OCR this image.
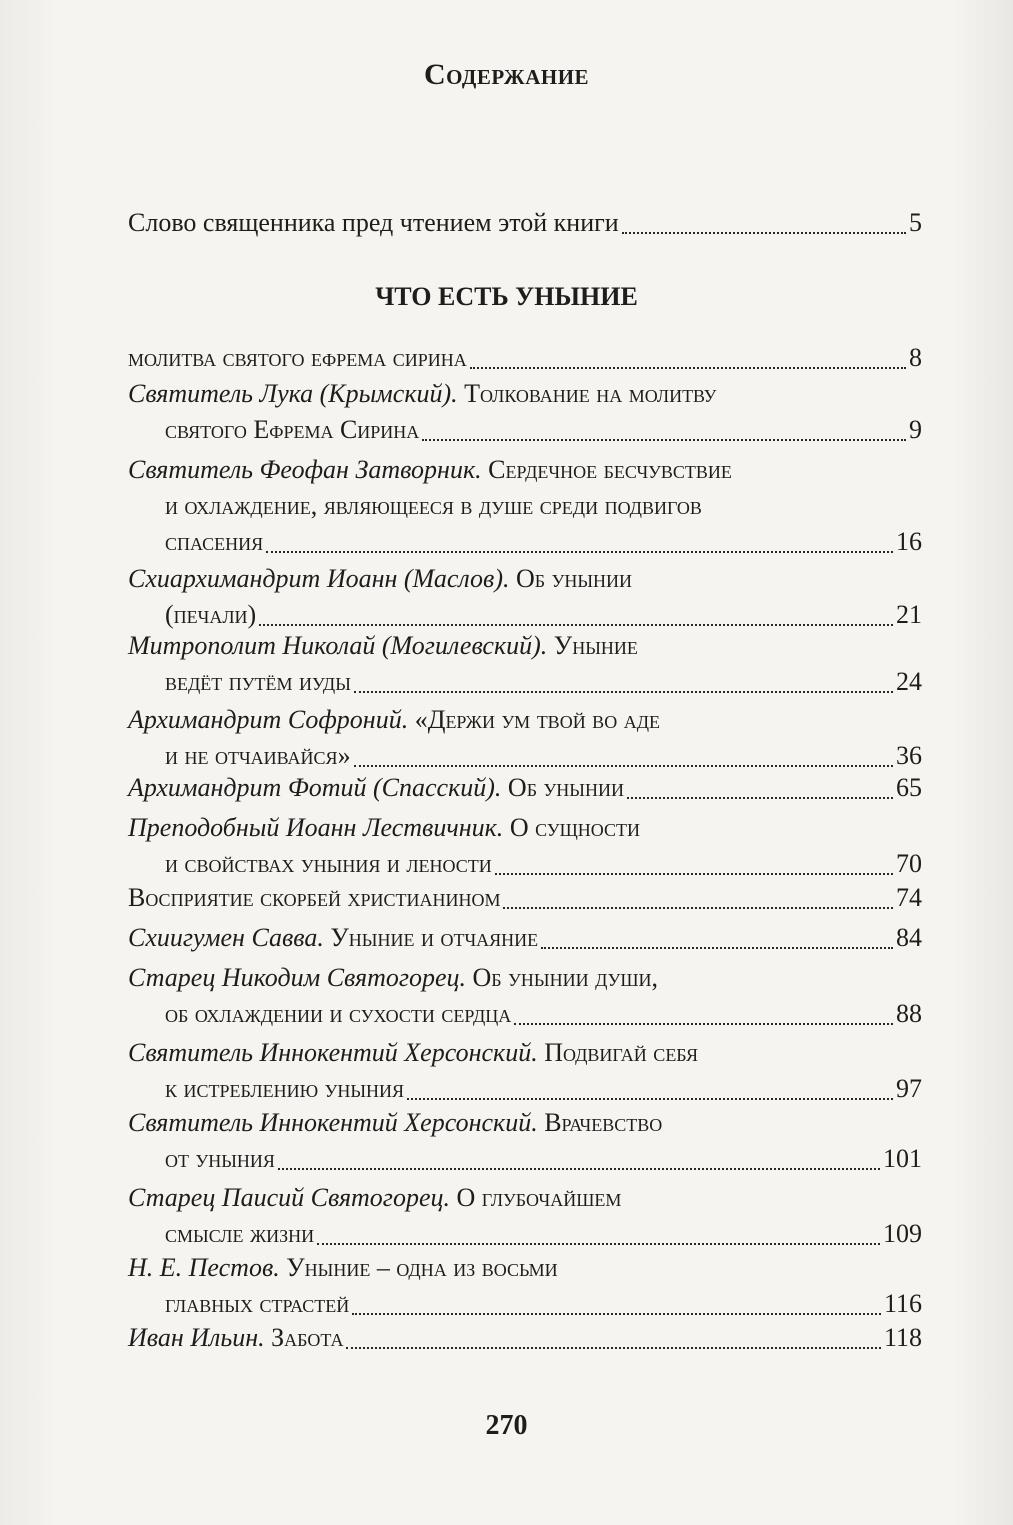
Содержание
Слово священника пред чтением этой книги	5
ЧТО ЕСТЬ УНЫНИЕ
молитва святого ефрема сирина	8
Святитель Лука (Крымский). Толкование на молитву
святого Ефрема Сирина	9
Святитель Феофан Затворник. Сердечное бесчувствие
и охлаждение, являющееся в душе среди подвигов
спасения	16
Схиархимандрит Иоанн (Маслов). Об унынии
(печали)	21
Митрополит Николай (Могилевский). Уныние
ведёт путём иуды	24
Архимандрит Софроний. «Держи ум твой во аде
и не отчаивайся»	36
Архимандрит Фотий (Спасский). Об унынии	65
Преподобный Иоанн Лествичник. О сущности
и свойствах уныния и лености	70
Восприятие скорбей христианином	74
Схиигумен Савва. Уныние и отчаяние	84
Старец Никодим Святогорец. Об унынии души,
об охлаждении и сухости сердца	88
Святитель Иннокентий Херсонский. Подвигай себя
к истреблению уныния	97
Святитель Иннокентий Херсонский. Врачевство
от уныния	101
Старец Паисий Святогорец. О глубочайшем
смысле жизни	109
Н. Е. Пестов. Уныние – одна из восьми
главных страстей	116
Иван Ильин. Забота	118
270
